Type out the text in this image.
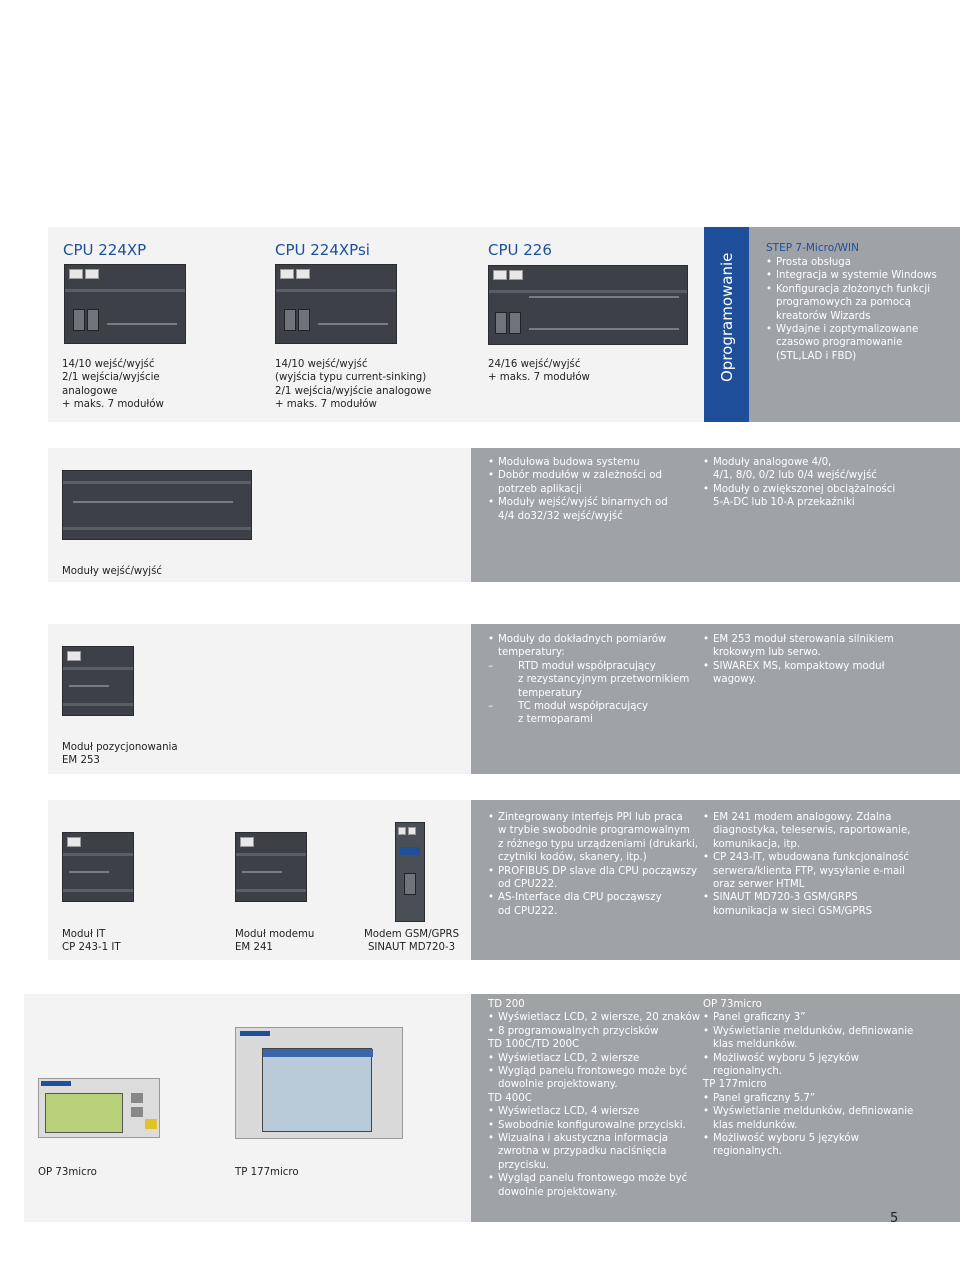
CPU 224XP
14/10 wejść/wyjść
2/1 wejścia/wyjście
analogowe
+ maks. 7 modułów
CPU 224XPsi
14/10 wejść/wyjść
(wyjścia typu current-sinking)
2/1 wejścia/wyjście analogowe
+ maks. 7 modułów
CPU 226
24/16 wejść/wyjść
+ maks. 7 modułów	Oprogramowanie
STEP 7-Micro/WIN
• Prosta obsługa
• Integracja w systemie Windows
• Konfiguracja złożonych funkcji
programowych za pomocą
kreatorów Wizards
• Wydajne i zoptymalizowane
czasowo programowanie
(STL,LAD i FBD)
Moduły wejść/wyjść
• Modułowa budowa systemu
• Dobór modułów w zależności od
potrzeb aplikacji
• Moduły wejść/wyjść binarnych od
4/4 do32/32 wejść/wyjść
• Moduły analogowe 4/0,
4/1, 8/0, 0/2 lub 0/4 wejść/wyjść
• Moduły o zwiększonej obciążalności
5-A-DC lub 10-A przekaźniki
Moduł pozycjonowania
EM 253
• Moduły do dokładnych pomiarów
temperatury:
– RTD moduł współpracujący
z rezystancyjnym przetwornikiem
temperatury
– TC moduł współpracujący
z termoparami
• EM 253 moduł sterowania silnikiem
krokowym lub serwo.
• SIWAREX MS, kompaktowy moduł
wagowy.
Moduł IT
CP 243-1 IT
Moduł modemu
EM 241
Modem GSM/GPRS
SINAUT MD720-3
• Zintegrowany interfejs PPI lub praca
w trybie swobodnie programowalnym
z różnego typu urządzeniami (drukarki,
czytniki kodów, skanery, itp.)
• PROFIBUS DP slave dla CPU począwszy
od CPU222.
• AS-Interface dla CPU począwszy
od CPU222.
• EM 241 modem analogowy. Zdalna
diagnostyka, teleserwis, raportowanie,
komunikacja, itp.
• CP 243-IT, wbudowana funkcjonalność
serwera/klienta FTP, wysyłanie e-mail
oraz serwer HTML
• SINAUT MD720-3 GSM/GRPS
komunikacja w sieci GSM/GPRS
OP 73micro	TP 177micro
TD 200
• Wyświetlacz LCD, 2 wiersze, 20 znaków
• 8 programowalnych przycisków
TD 100C/TD 200C
• Wyświetlacz LCD, 2 wiersze
• Wygląd panelu frontowego może być
dowolnie projektowany.
TD 400C
• Wyświetlacz LCD, 4 wiersze
• Swobodnie konfigurowalne przyciski.
• Wizualna i akustyczna informacja
zwrotna w przypadku naciśnięcia
przycisku.
• Wygląd panelu frontowego może być
dowolnie projektowany.
OP 73micro
• Panel graficzny 3”
• Wyświetlanie meldunków, definiowanie
klas meldunków.
• Możliwość wyboru 5 języków
regionalnych.
TP 177micro
• Panel graficzny 5.7”
• Wyświetlanie meldunków, definiowanie
klas meldunków.
• Możliwość wyboru 5 języków
regionalnych.
5
